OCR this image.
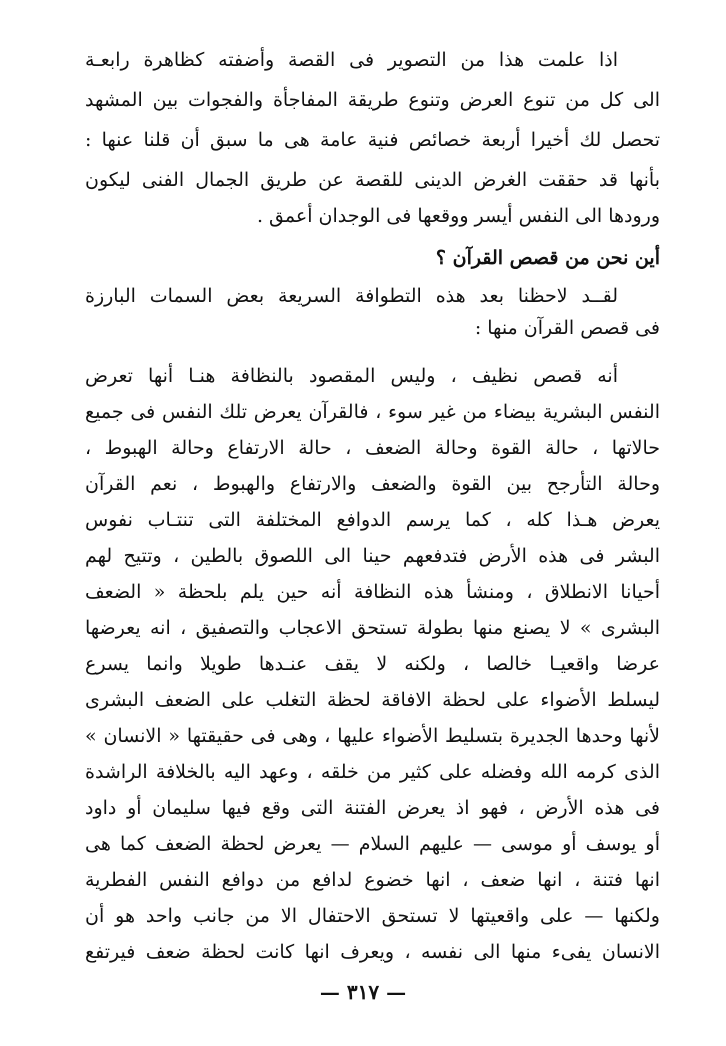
اذا علمت هذا من التصوير فى القصة وأضفته كظاهرة رابعـة
الى كل من تنوع العرض وتنوع طريقة المفاجأة والفجوات بين المشهد
تحصل لك أخيرا أربعة خصائص فنية عامة هى ما سبق أن قلنا عنها :
بأنها قد حققت الغرض الدينى للقصة عن طريق الجمال الفنى ليكون
ورودها الى النفس أيسر ووقعها فى الوجدان أعمق .
أين نحن من قصص القرآن ؟
لقــد لاحظنا بعد هذه التطوافة السريعة بعض السمات البارزة
فى قصص القرآن منها :
أنه قصص نظيف ، وليس المقصود بالنظافة هنـا أنها تعرض
النفس البشرية بيضاء من غير سوء ، فالقرآن يعرض تلك النفس فى جميع
حالاتها ، حالة القوة وحالة الضعف ، حالة الارتفاع وحالة الهبوط ،
وحالة التأرجح بين القوة والضعف والارتفاع والهبوط ، نعم القرآن
يعرض هـذا كله ، كما يرسم الدوافع المختلفة التى تنتـاب نفوس
البشر فى هذه الأرض فتدفعهم حينا الى اللصوق بالطين ، وتتيح لهم
أحيانا الانطلاق ، ومنشأ هذه النظافة أنه حين يلم بلحظة « الضعف
البشرى » لا يصنع منها بطولة تستحق الاعجاب والتصفيق ، انه يعرضها
عرضا واقعيـا خالصا ، ولكنه لا يقف عنـدها طويلا وانما يسرع
ليسلط الأضواء على لحظة الافاقة لحظة التغلب على الضعف البشرى
لأنها وحدها الجديرة بتسليط الأضواء عليها ، وهى فى حقيقتها « الانسان »
الذى كرمه الله وفضله على كثير من خلقه ، وعهد اليه بالخلافة الراشدة
فى هذه الأرض ، فهو اذ يعرض الفتنة التى وقع فيها سليمان أو داود
أو يوسف أو موسى — عليهم السلام — يعرض لحظة الضعف كما هى
انها فتنة ، انها ضعف ، انها خضوع لدافع من دوافع النفس الفطرية
ولكنها — على واقعيتها لا تستحق الاحتفال الا من جانب واحد هو أن
الانسان يفىء منها الى نفسه ، ويعرف انها كانت لحظة ضعف فيرتفع
— ٣١٧ —
